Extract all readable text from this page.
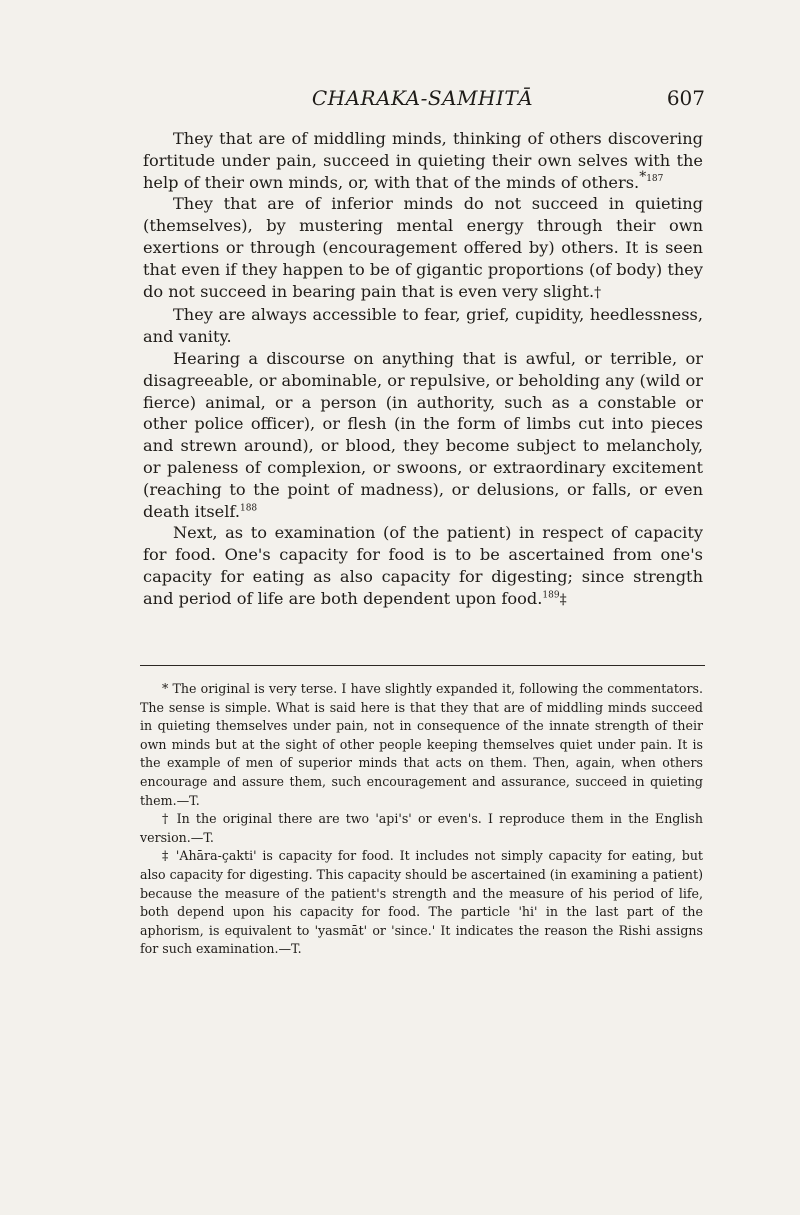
CHARAKA-SAMHITĀ	607

They that are of middling minds, thinking of others discovering fortitude under pain, succeed in quieting their own selves with the help of their own minds, or, with that of the minds of others.$^{*187}$

They that are of inferior minds do not succeed in quieting (themselves), by mustering mental energy through their own exertions or through (encouragement offered by) others. It is seen that even if they happen to be of gigantic proportions (of body) they do not succeed in bearing pain that is even very slight.†

They are always accessible to fear, grief, cupidity, heedlessness, and vanity.

Hearing a discourse on anything that is awful, or terrible, or disagreeable, or abominable, or repulsive, or beholding any (wild or fierce) animal, or a person (in authority, such as a constable or other police officer), or flesh (in the form of limbs cut into pieces and strewn around), or blood, they become subject to melancholy, or paleness of complexion, or swoons, or extraordinary excitement (reaching to the point of madness), or delusions, or falls, or even death itself.$^{188}$

Next, as to examination (of the patient) in respect of capacity for food. One's capacity for food is to be ascertained from one's capacity for eating as also capacity for digesting; since strength and period of life are both dependent upon food.$^{189}$‡

* The original is very terse. I have slightly expanded it, following the commentators. The sense is simple. What is said here is that they that are of middling minds succeed in quieting themselves under pain, not in consequence of the innate strength of their own minds but at the sight of other people keeping themselves quiet under pain. It is the example of men of superior minds that acts on them. Then, again, when others encourage and assure them, such encouragement and assurance, succeed in quieting them.—T.

† In the original there are two 'api's' or even's. I reproduce them in the English version.—T.

‡ 'Ahāra-çakti' is capacity for food. It includes not simply capacity for eating, but also capacity for digesting. This capacity should be ascertained (in examining a patient) because the measure of the patient's strength and the measure of his period of life, both depend upon his capacity for food. The particle 'hi' in the last part of the aphorism, is equivalent to 'yasmāt' or 'since.' It indicates the reason the Rishi assigns for such examination.—T.
